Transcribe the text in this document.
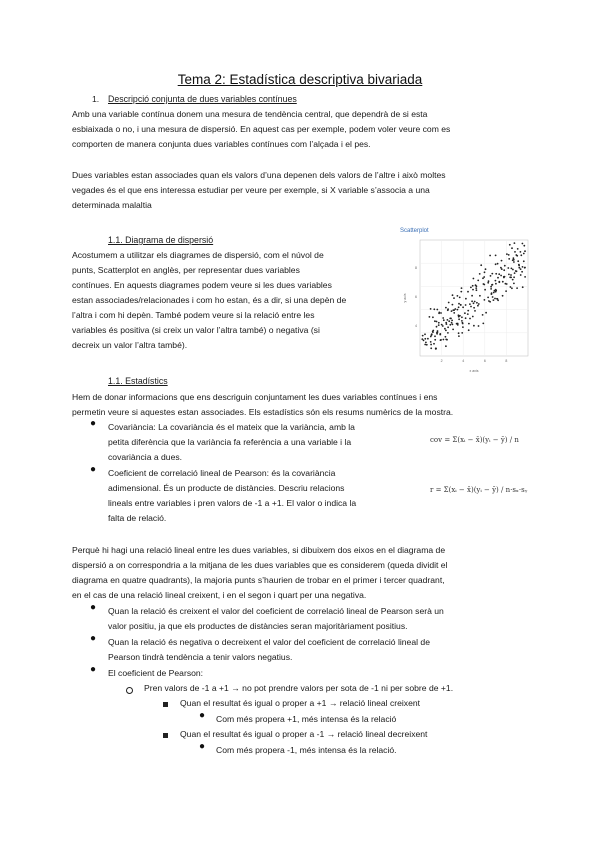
Tema 2: Estadística descriptiva bivariada
1. Descripció conjunta de dues variables contínues
Amb una variable contínua donem una mesura de tendència central, que dependrà de si esta
esbiaixada o no, i una mesura de dispersió. En aquest cas per exemple, podem voler veure com es
comporten de manera conjunta dues variables contínues com l’alçada i el pes.
Dues variables estan associades quan els valors d’una depenen dels valors de l’altre i això moltes
vegades és el que ens interessa estudiar per veure per exemple, si X variable s’associa a una
determinada malaltia
1.1. Diagrama de dispersió
Acostumem a utilitzar els diagrames de dispersió, com el núvol de
punts, Scatterplot en anglès, per representar dues variables
contínues. En aquests diagrames podem veure si les dues variables
estan associades/relacionades i com ho estan, és a dir, si una depèn de
l’altra i com hi depèn. També podem veure si la relació entre les
variables és positiva (si creix un valor l’altra també) o negativa (si
decreix un valor l’altra també).
Scatterplot
2	4	6	8
4
6
8
x axis
y axis
1.1. Estadístics
Hem de donar informacions que ens descriguin conjuntament les dues variables contínues i ens
permetin veure si aquestes estan associades. Els estadístics són els resums numèrics de la mostra.
● Covariància: La covariància és el mateix que la variància, amb la
petita diferència que la variància fa referència a una variable i la
covariància a dues.
● Coeficient de correlació lineal de Pearson: és la covariància
adimensional. És un producte de distàncies. Descriu relacions
lineals entre variables i pren valors de -1 a +1. El valor o indica la
falta de relació.
cov = Σ(xᵢ − x̄)(yᵢ − ȳ) / n
r = Σ(xᵢ − x̄)(yᵢ − ȳ) / n·sₓ·sᵧ
Perquè hi hagi una relació lineal entre les dues variables, si dibuixem dos eixos en el diagrama de
dispersió a on correspondria a la mitjana de les dues variables que es considerem (queda dividit el
diagrama en quatre quadrants), la majoria punts s’haurien de trobar en el primer i tercer quadrant,
en el cas de una relació lineal creixent, i en el segon i quart per una negativa.
● Quan la relació és creixent el valor del coeficient de correlació lineal de Pearson serà un
valor positiu, ja que els productes de distàncies seran majoritàriament positius.
● Quan la relació és negativa o decreixent el valor del coeficient de correlació lineal de
Pearson tindrà tendència a tenir valors negatius.
● El coeficient de Pearson:
Pren valors de -1 a +1 → no pot prendre valors per sota de -1 ni per sobre de +1.
Quan el resultat és igual o proper a +1 → relació lineal creixent
● Com més propera +1, més intensa és la relació
Quan el resultat és igual o proper a -1 → relació lineal decreixent
● Com més propera -1, més intensa és la relació.
